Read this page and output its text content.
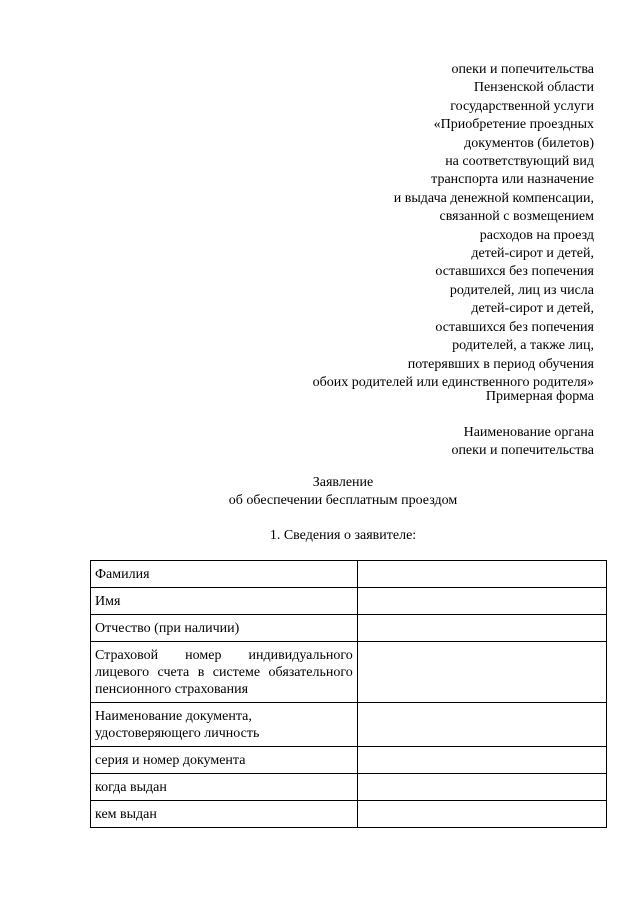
опеки и попечительства
Пензенской области
государственной услуги
«Приобретение проездных
документов (билетов)
на соответствующий вид
транспорта или назначение
и выдача денежной компенсации,
связанной с возмещением
расходов на проезд
детей-сирот и детей,
оставшихся без попечения
родителей, лиц из числа
детей-сирот и детей,
оставшихся без попечения
родителей, а также лиц,
потерявших в период обучения
обоих родителей или единственного родителя»
Примерная форма
Наименование органа
опеки и попечительства
Заявление
об обеспечении бесплатным проездом
1. Сведения о заявителе:
Фамилия	
Имя	
Отчество (при наличии)	
Страховой номер индивидуального лицевого счета в системе обязательного пенсионного страхования	
Наименование документа, удостоверяющего личность	
серия и номер документа	
когда выдан	
кем выдан	
